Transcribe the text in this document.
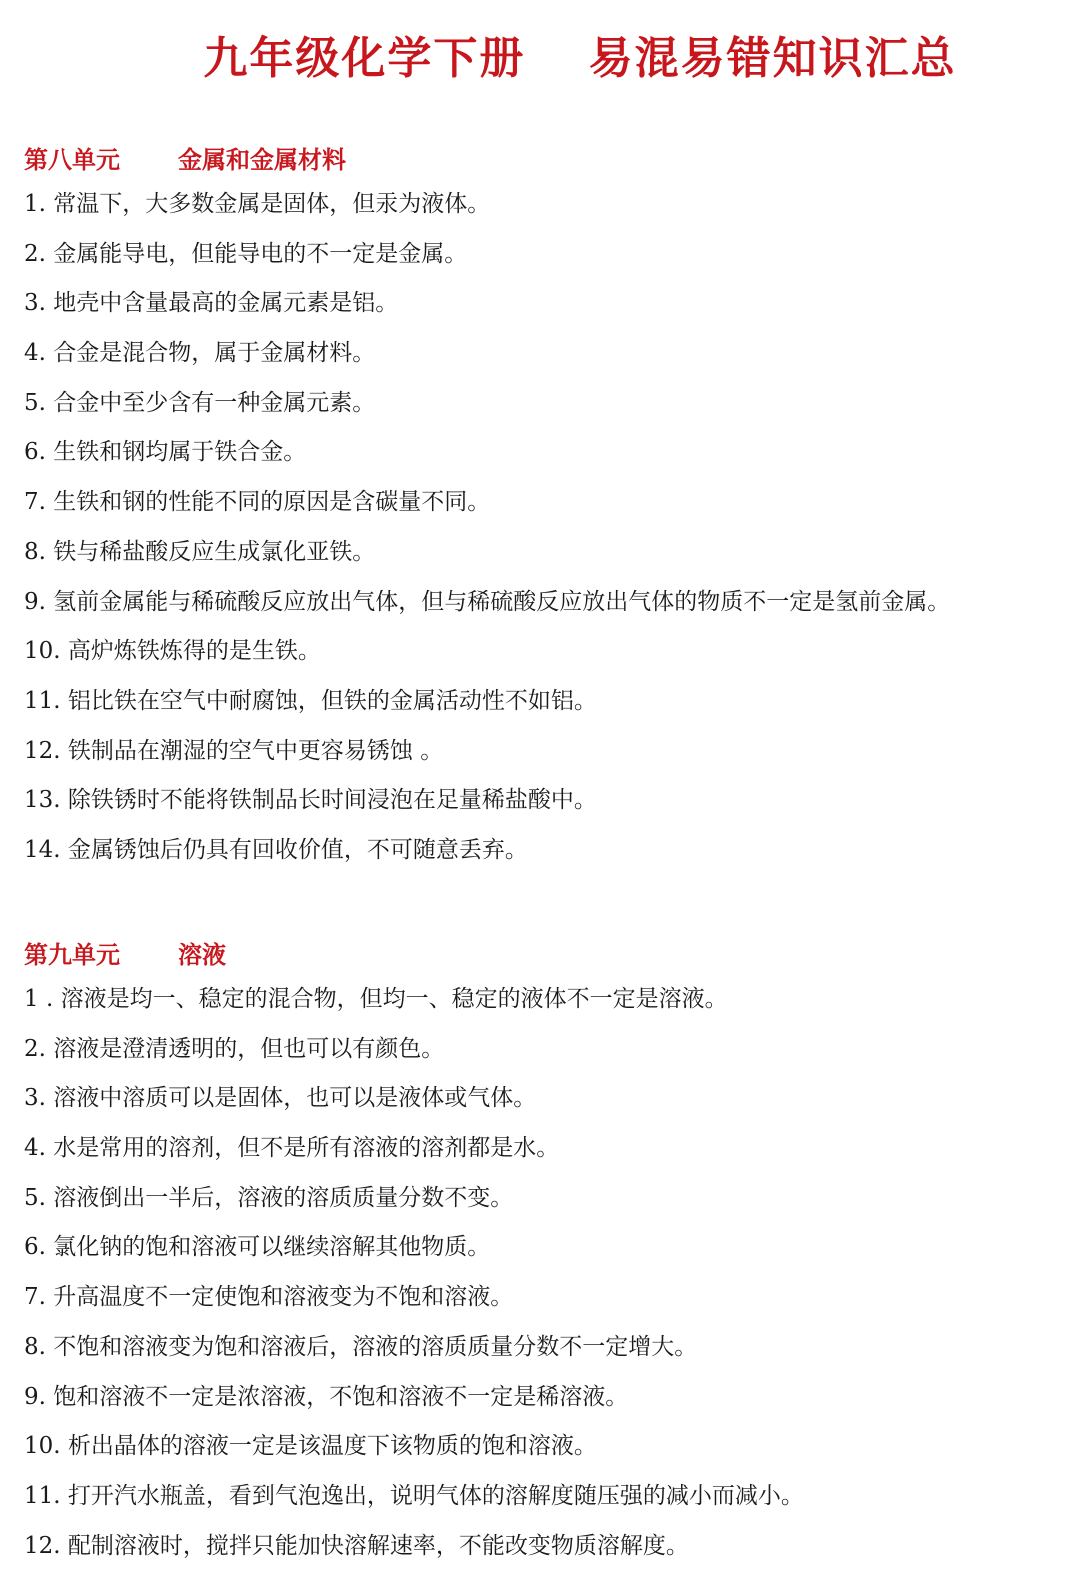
九年级化学下册　 易混易错知识汇总
第八单元 金属和金属材料
1. 常温下，大多数金属是固体，但汞为液体。
2. 金属能导电，但能导电的不一定是金属。
3. 地壳中含量最高的金属元素是铝。
4. 合金是混合物，属于金属材料。
5. 合金中至少含有一种金属元素。
6. 生铁和钢均属于铁合金。
7. 生铁和钢的性能不同的原因是含碳量不同。
8. 铁与稀盐酸反应生成氯化亚铁。
9. 氢前金属能与稀硫酸反应放出气体，但与稀硫酸反应放出气体的物质不一定是氢前金属。
10. 高炉炼铁炼得的是生铁。
11. 铝比铁在空气中耐腐蚀，但铁的金属活动性不如铝。
12. 铁制品在潮湿的空气中更容易锈蚀 。
13. 除铁锈时不能将铁制品长时间浸泡在足量稀盐酸中。
14. 金属锈蚀后仍具有回收价值，不可随意丢弃。
第九单元 溶液
1 . 溶液是均一、稳定的混合物，但均一、稳定的液体不一定是溶液。
2. 溶液是澄清透明的，但也可以有颜色。
3. 溶液中溶质可以是固体，也可以是液体或气体。
4. 水是常用的溶剂，但不是所有溶液的溶剂都是水。
5. 溶液倒出一半后，溶液的溶质质量分数不变。
6. 氯化钠的饱和溶液可以继续溶解其他物质。
7. 升高温度不一定使饱和溶液变为不饱和溶液。
8. 不饱和溶液变为饱和溶液后，溶液的溶质质量分数不一定增大。
9. 饱和溶液不一定是浓溶液，不饱和溶液不一定是稀溶液。
10. 析出晶体的溶液一定是该温度下该物质的饱和溶液。
11. 打开汽水瓶盖，看到气泡逸出，说明气体的溶解度随压强的减小而减小。
12. 配制溶液时，搅拌只能加快溶解速率，不能改变物质溶解度。
